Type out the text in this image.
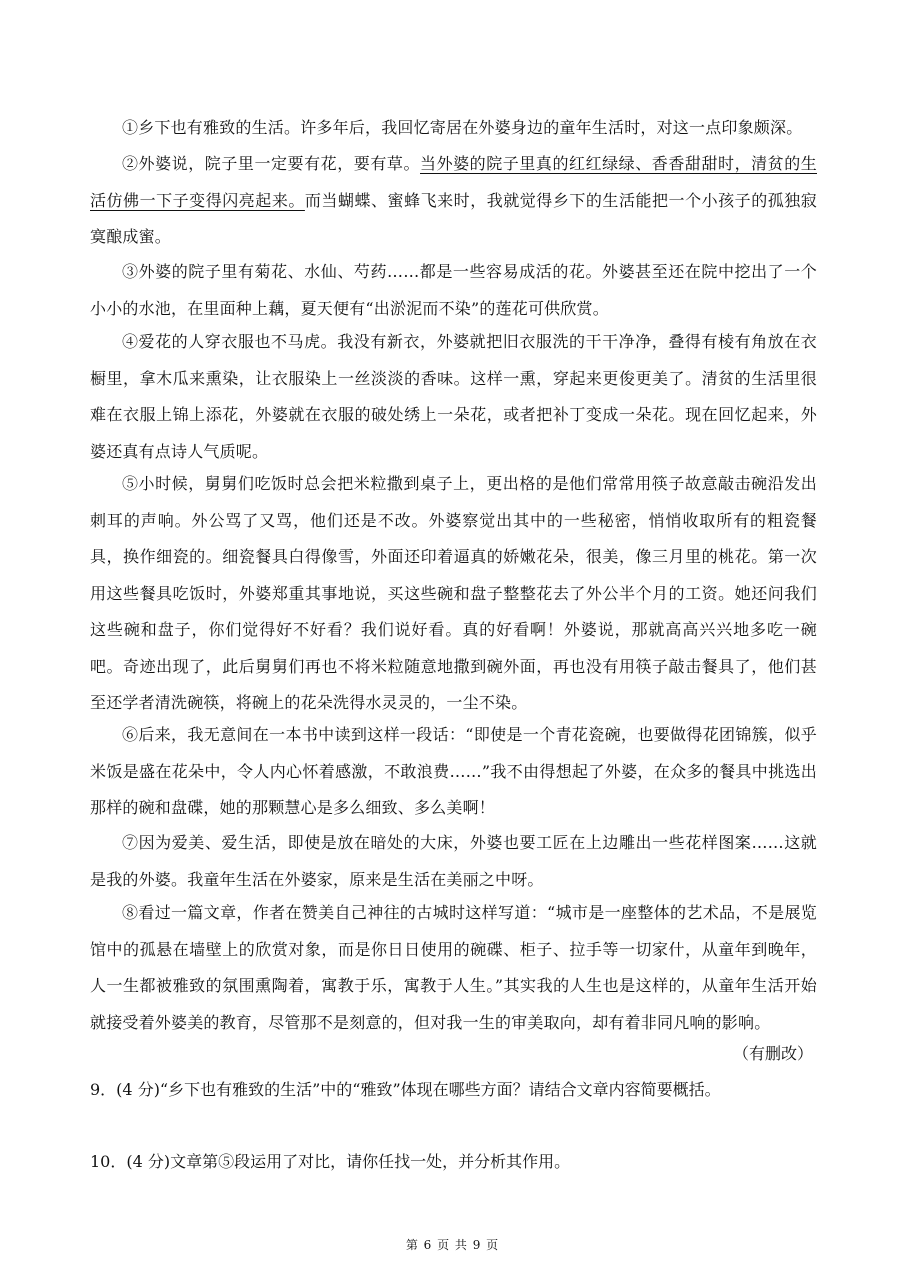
①乡下也有雅致的生活。许多年后，我回忆寄居在外婆身边的童年生活时，对这一点印象颇深。

②外婆说，院子里一定要有花，要有草。当外婆的院子里真的红红绿绿、香香甜甜时，清贫的生活仿佛一下子变得闪亮起来。而当蝴蝶、蜜蜂飞来时，我就觉得乡下的生活能把一个小孩子的孤独寂寞酿成蜜。

③外婆的院子里有菊花、水仙、芍药……都是一些容易成活的花。外婆甚至还在院中挖出了一个小小的水池，在里面种上藕，夏天便有“出淤泥而不染”的莲花可供欣赏。

④爱花的人穿衣服也不马虎。我没有新衣，外婆就把旧衣服洗的干干净净，叠得有棱有角放在衣橱里，拿木瓜来熏染，让衣服染上一丝淡淡的香味。这样一熏，穿起来更俊更美了。清贫的生活里很难在衣服上锦上添花，外婆就在衣服的破处绣上一朵花，或者把补丁变成一朵花。现在回忆起来，外婆还真有点诗人气质呢。

⑤小时候，舅舅们吃饭时总会把米粒撒到桌子上，更出格的是他们常常用筷子故意敲击碗沿发出刺耳的声响。外公骂了又骂，他们还是不改。外婆察觉出其中的一些秘密，悄悄收取所有的粗瓷餐具，换作细瓷的。细瓷餐具白得像雪，外面还印着逼真的娇嫩花朵，很美，像三月里的桃花。第一次用这些餐具吃饭时，外婆郑重其事地说，买这些碗和盘子整整花去了外公半个月的工资。她还问我们这些碗和盘子，你们觉得好不好看？我们说好看。真的好看啊！外婆说，那就高高兴兴地多吃一碗吧。奇迹出现了，此后舅舅们再也不将米粒随意地撒到碗外面，再也没有用筷子敲击餐具了，他们甚至还学者清洗碗筷，将碗上的花朵洗得水灵灵的，一尘不染。

⑥后来，我无意间在一本书中读到这样一段话：“即使是一个青花瓷碗，也要做得花团锦簇，似乎米饭是盛在花朵中，令人内心怀着感激，不敢浪费……”我不由得想起了外婆，在众多的餐具中挑选出那样的碗和盘碟，她的那颗慧心是多么细致、多么美啊！

⑦因为爱美、爱生活，即使是放在暗处的大床，外婆也要工匠在上边雕出一些花样图案……这就是我的外婆。我童年生活在外婆家，原来是生活在美丽之中呀。

⑧看过一篇文章，作者在赞美自己神往的古城时这样写道：“城市是一座整体的艺术品，不是展览馆中的孤悬在墙壁上的欣赏对象，而是你日日使用的碗碟、柜子、拉手等一切家什，从童年到晚年，人一生都被雅致的氛围熏陶着，寓教于乐，寓教于人生。”其实我的人生也是这样的，从童年生活开始就接受着外婆美的教育，尽管那不是刻意的，但对我一生的审美取向，却有着非同凡响的影响。

（有删改）

9．(4 分)“乡下也有雅致的生活”中的“雅致”体现在哪些方面？请结合文章内容简要概括。

10．(4 分)文章第⑤段运用了对比，请你任找一处，并分析其作用。

第 6 页 共 9 页
